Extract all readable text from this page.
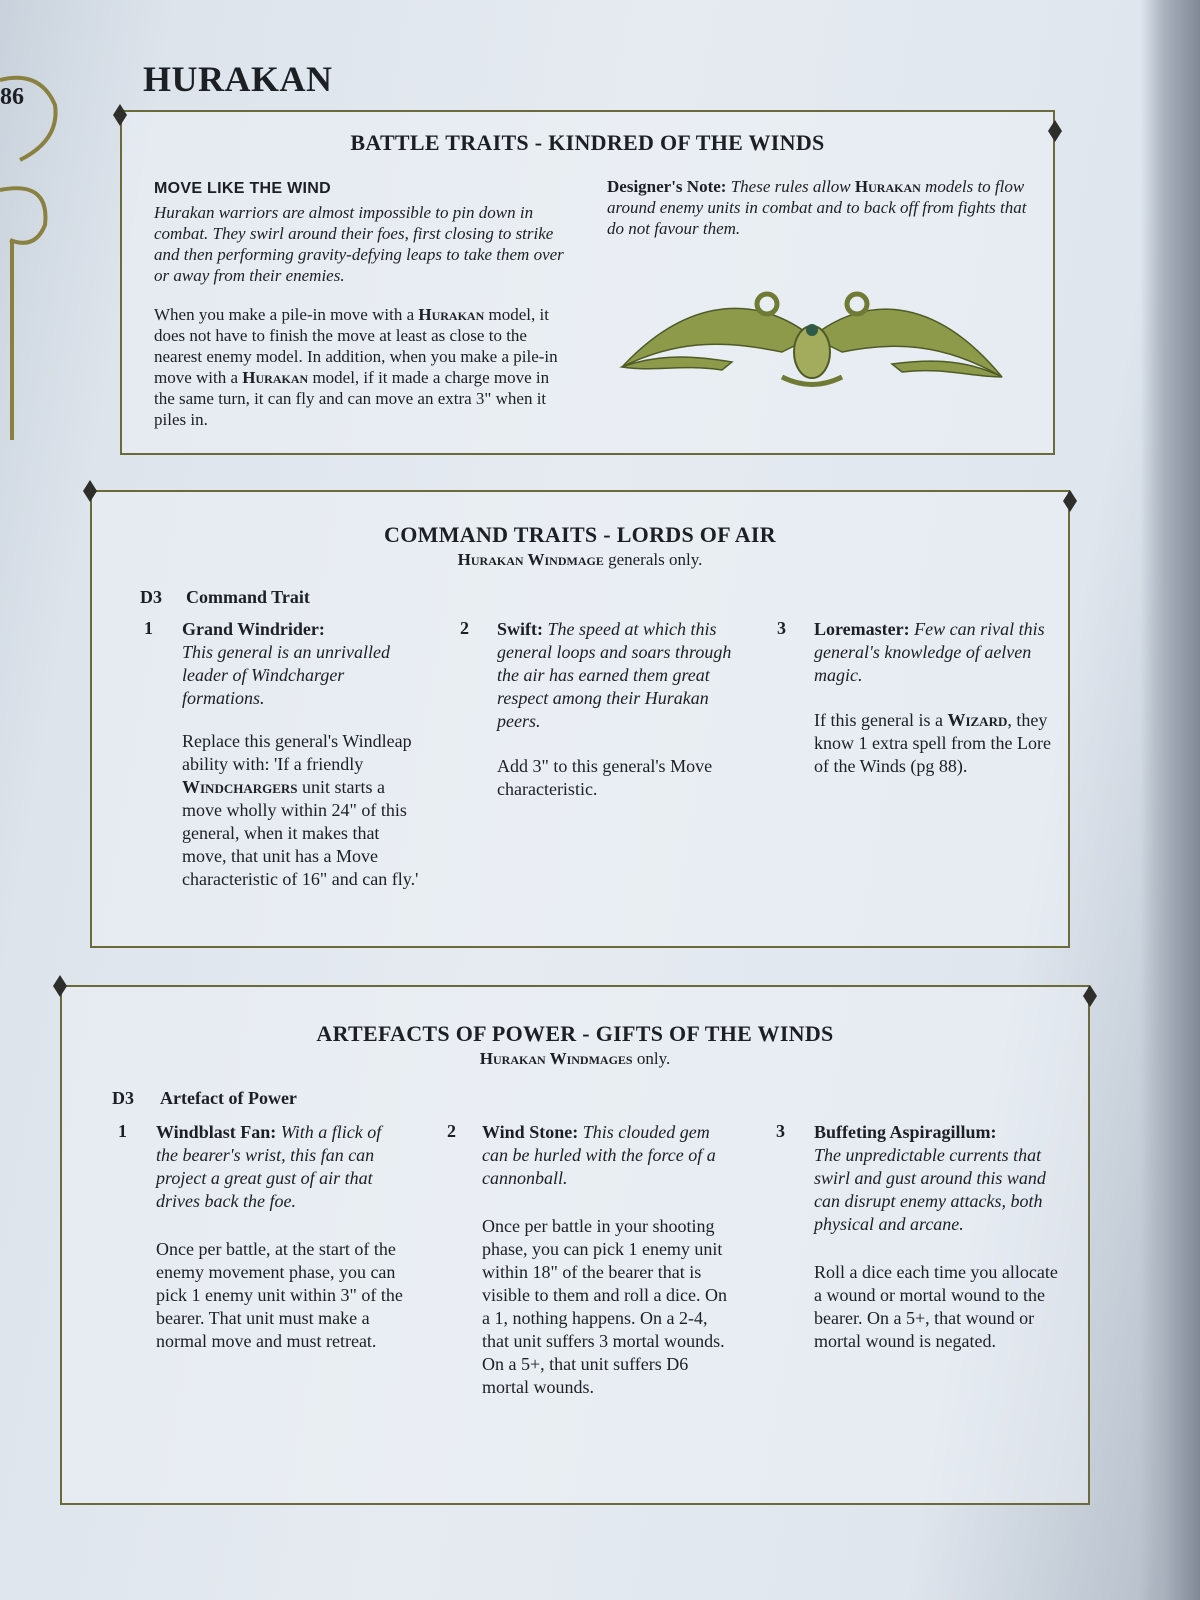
86	HURAKAN
BATTLE TRAITS - KINDRED OF THE WINDS

MOVE LIKE THE WIND

Hurakan warriors are almost impossible to pin down in combat. They swirl around their foes, first closing to strike and then performing gravity-defying leaps to take them over or away from their enemies.

When you make a pile-in move with a Hurakan model, it does not have to finish the move at least as close to the nearest enemy model. In addition, when you make a pile-in move with a Hurakan model, if it made a charge move in the same turn, it can fly and can move an extra 3" when it piles in.

Designer's Note: These rules allow Hurakan models to flow around enemy units in combat and to back off from fights that do not favour them.
COMMAND TRAITS - LORDS OF AIR
Hurakan Windmage generals only.
D3 Command Trait
1 Grand Windrider:

This general is an unrivalled leader of Windcharger formations.

Replace this general's Windleap ability with: 'If a friendly Windchargers unit starts a move wholly within 24" of this general, when it makes that move, that unit has a Move characteristic of 16" and can fly.'

2 Swift: The speed at which this general loops and soars through the air has earned them great respect among their Hurakan peers.

Add 3" to this general's Move characteristic.

3 Loremaster: Few can rival this general's knowledge of aelven magic.

If this general is a Wizard, they know 1 extra spell from the Lore of the Winds (pg 88).

ARTEFACTS OF POWER - GIFTS OF THE WINDS
Hurakan Windmages only.
D3 Artefact of Power
1 Windblast Fan: With a flick of the bearer's wrist, this fan can project a great gust of air that drives back the foe.

Once per battle, at the start of the enemy movement phase, you can pick 1 enemy unit within 3" of the bearer. That unit must make a normal move and must retreat.

2 Wind Stone: This clouded gem can be hurled with the force of a cannonball.

Once per battle in your shooting phase, you can pick 1 enemy unit within 18" of the bearer that is visible to them and roll a dice. On a 1, nothing happens. On a 2-4, that unit suffers 3 mortal wounds. On a 5+, that unit suffers D6 mortal wounds.

3 Buffeting Aspiragillum:

The unpredictable currents that swirl and gust around this wand can disrupt enemy attacks, both physical and arcane.

Roll a dice each time you allocate a wound or mortal wound to the bearer. On a 5+, that wound or mortal wound is negated.
